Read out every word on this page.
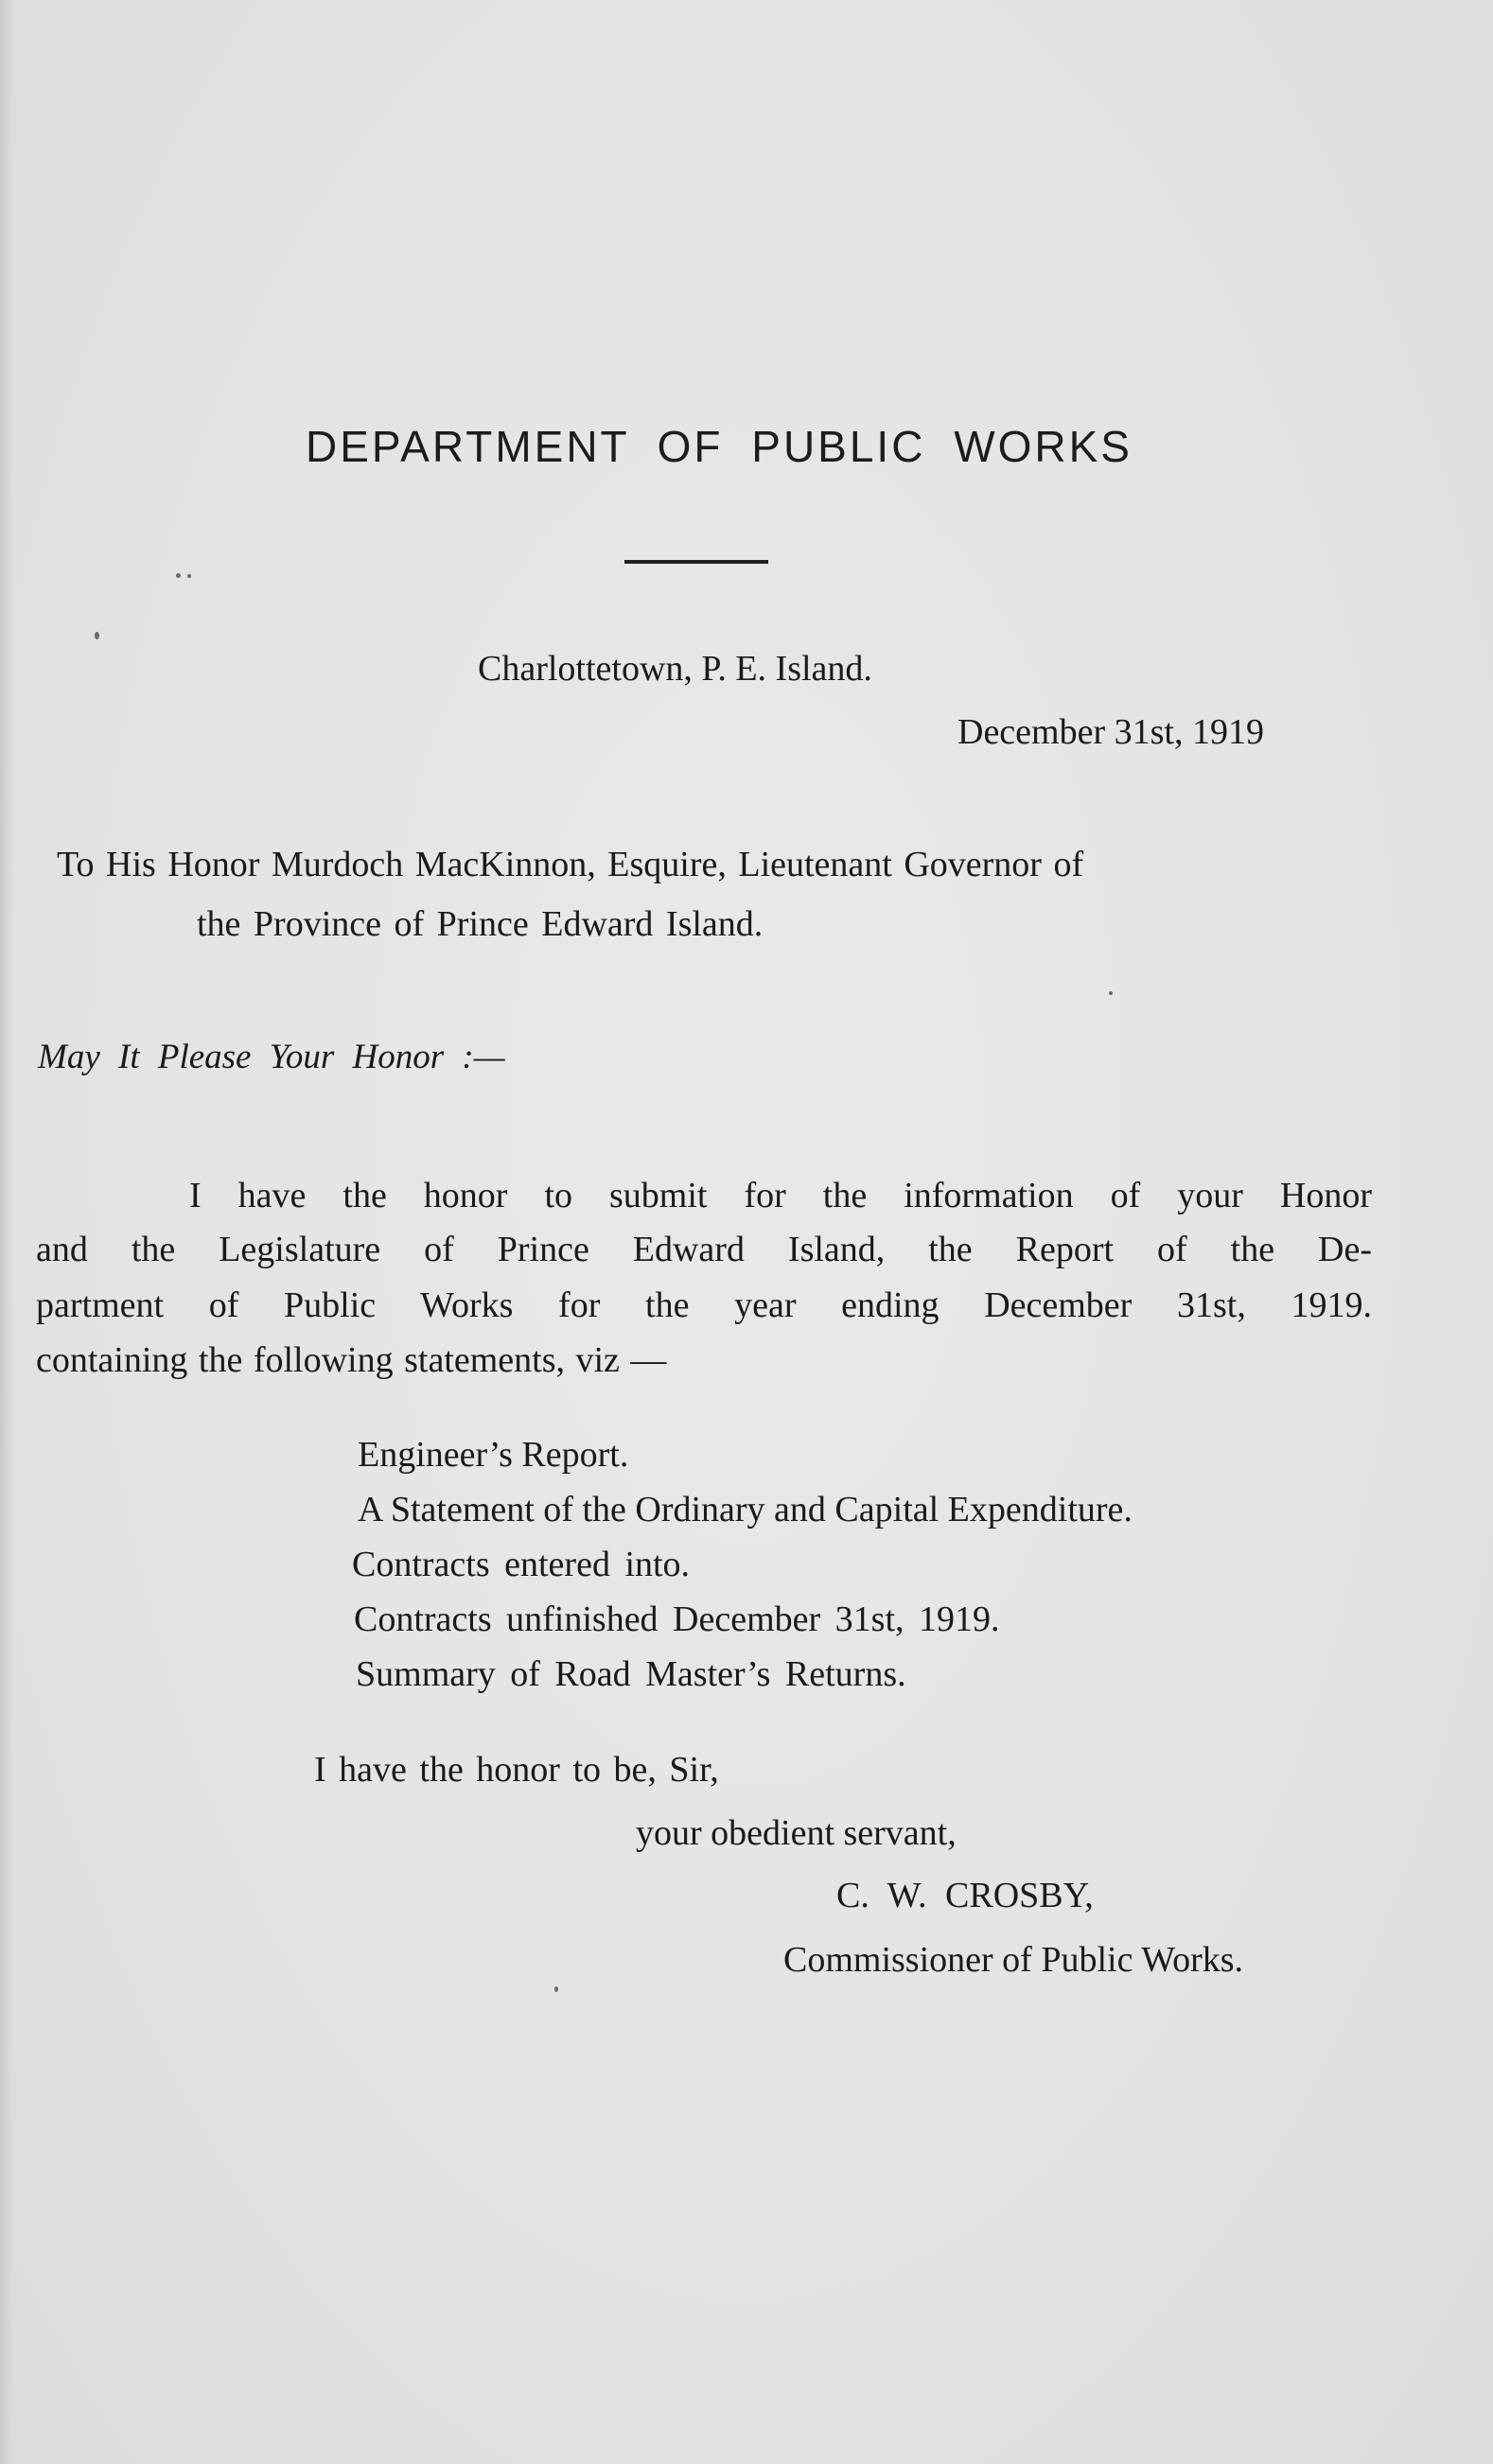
DEPARTMENT OF PUBLIC WORKS
Charlottetown, P. E. Island.
December 31st, 1919
To His Honor Murdoch MacKinnon, Esquire, Lieutenant Governor of
the Province of Prince Edward Island.
May It Please Your Honor :—
I have the honor to submit for the information of your Honor
and the Legislature of Prince Edward Island, the Report of the De-
partment of Public Works for the year ending December 31st, 1919.
containing the following statements, viz —
Engineer’s Report.
A Statement of the Ordinary and Capital Expenditure.
Contracts entered into.
Contracts unfinished December 31st, 1919.
Summary of Road Master’s Returns.
I have the honor to be, Sir,
your obedient servant,
C. W. CROSBY,
Commissioner of Public Works.
